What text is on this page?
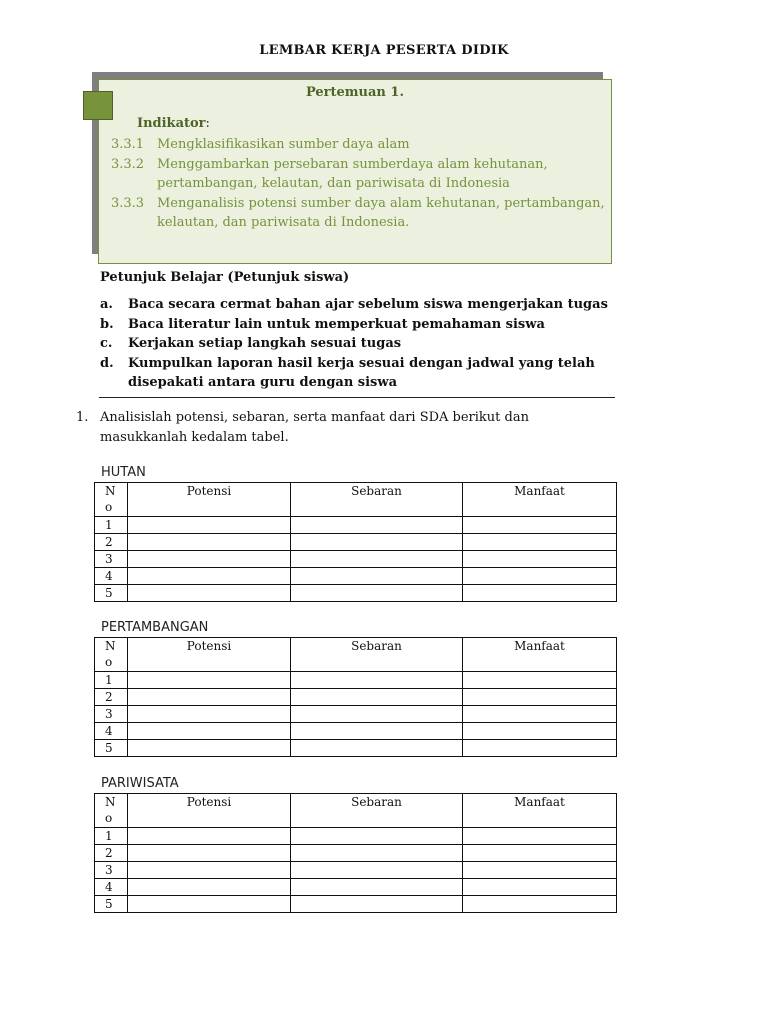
LEMBAR KERJA PESERTA DIDIK
Pertemuan 1.
Indikator:
3.3.1 Mengklasifikasikan sumber daya alam
3.3.2 Menggambarkan persebaran sumberdaya alam kehutanan, pertambangan, kelautan, dan pariwisata di Indonesia
3.3.3 Menganalisis potensi sumber daya alam kehutanan, pertambangan, kelautan, dan pariwisata di Indonesia.
Petunjuk Belajar (Petunjuk siswa)
a.	Baca secara cermat bahan ajar sebelum siswa mengerjakan tugas
b.	Baca literatur lain untuk memperkuat pemahaman siswa
c.	Kerjakan setiap langkah sesuai tugas
d.	Kumpulkan laporan hasil kerja sesuai dengan jadwal yang telah disepakati antara guru dengan siswa
1. Analisislah potensi, sebaran, serta manfaat dari SDA berikut dan masukkanlah kedalam tabel.
HUTAN
N
o	Potensi	Sebaran	Manfaat
1			
2			
3			
4			
5			
PERTAMBANGAN
N
o	Potensi	Sebaran	Manfaat
1			
2			
3			
4			
5			
PARIWISATA
N
o	Potensi	Sebaran	Manfaat
1			
2			
3			
4			
5			
